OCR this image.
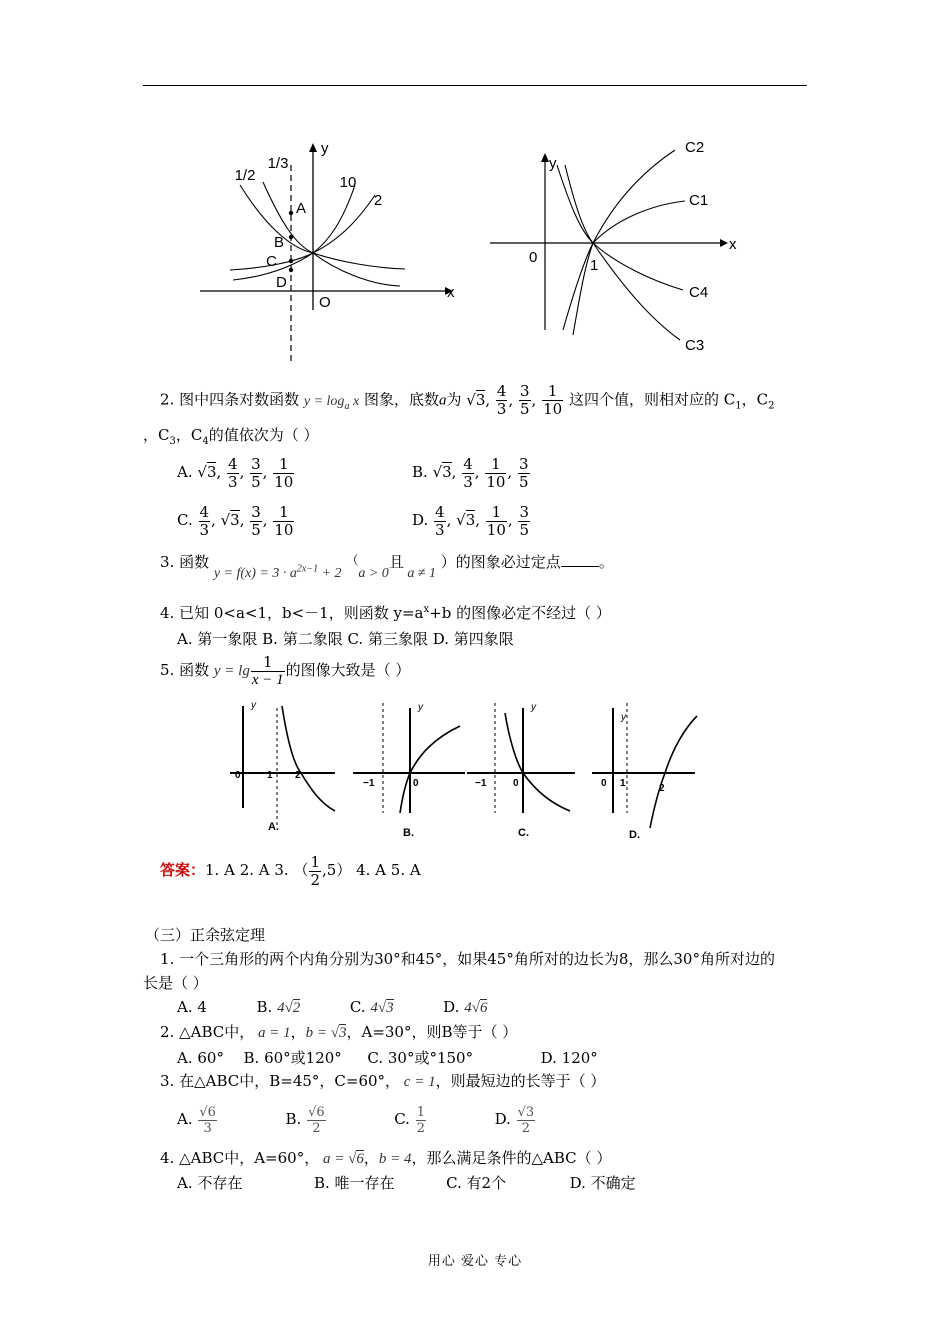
1/2
1/3
10
2
A
B
C
D
O
x
y
y
x
0	1
C2
C1
C4
C3
2. 图中四条对数函数 $y = \log_a x$ 图象，底数a为 √3, $\frac{4}{3}$ , $\frac{3}{5}$ , $\frac{1}{10}$ 这四个值，则相对应的 $C_1$，$C_2$
，$C_3$，$C_4$的值依次为（ ）
A. √3, $\frac{4}{3}$ , $\frac{3}{5}$ , $\frac{1}{10}$	B. √3, $\frac{4}{3}$ , $\frac{1}{10}$ , $\frac{3}{5}$
C. $\frac{4}{3}$ , √3, $\frac{3}{5}$ , $\frac{1}{10}$	D. $\frac{4}{3}$ , √3, $\frac{1}{10}$ , $\frac{3}{5}$
3. 函数 $y = f(x) = 3 \cdot a^{2x-1} + 2$ （a > 0且 a ≠ 1 ）的图象必过定点	。
4. 已知 0<a<1，b<－1，则函数 $y=a^x+b$ 的图像必定不经过（ ）
A. 第一象限 B. 第二象限 C. 第三象限 D. 第四象限
5. 函数 $y = \lg \frac{1}{x - 1}$ 的图像大致是（ ）
0	1 2
y
A.
−1	0
y
B.
−1	0
y
C.
0 1	2
y
D.
答案：1. A 2. A 3. （ $\frac{1}{2} ,5$） 4. A 5. A
（三）正余弦定理
1. 一个三角形的两个内角分别为30°和45°，如果45°角所对的边长为8，那么30°角所对边的
长是（ ）
A. 4	B. 4√2	C. 4√3	D. 4√6
2. △ABC中， a = 1，b = √3，A=30°，则B等于（ ）
A. 60° B. 60°或120° C. 30°或°150°	D. 120°
3. 在△ABC中，B=45°，C=60°， c = 1，则最短边的长等于（ ）
A. $\frac{√6}{3}$	B. $\frac{√6}{2}$	C. $\frac{1}{2}$	D. $\frac{√3}{2}$
4. △ABC中，A=60°， a = √6，b = 4，那么满足条件的△ABC（ ）
A. 不存在	B. 唯一存在	C. 有2个	D. 不确定
用心 爱心 专心
